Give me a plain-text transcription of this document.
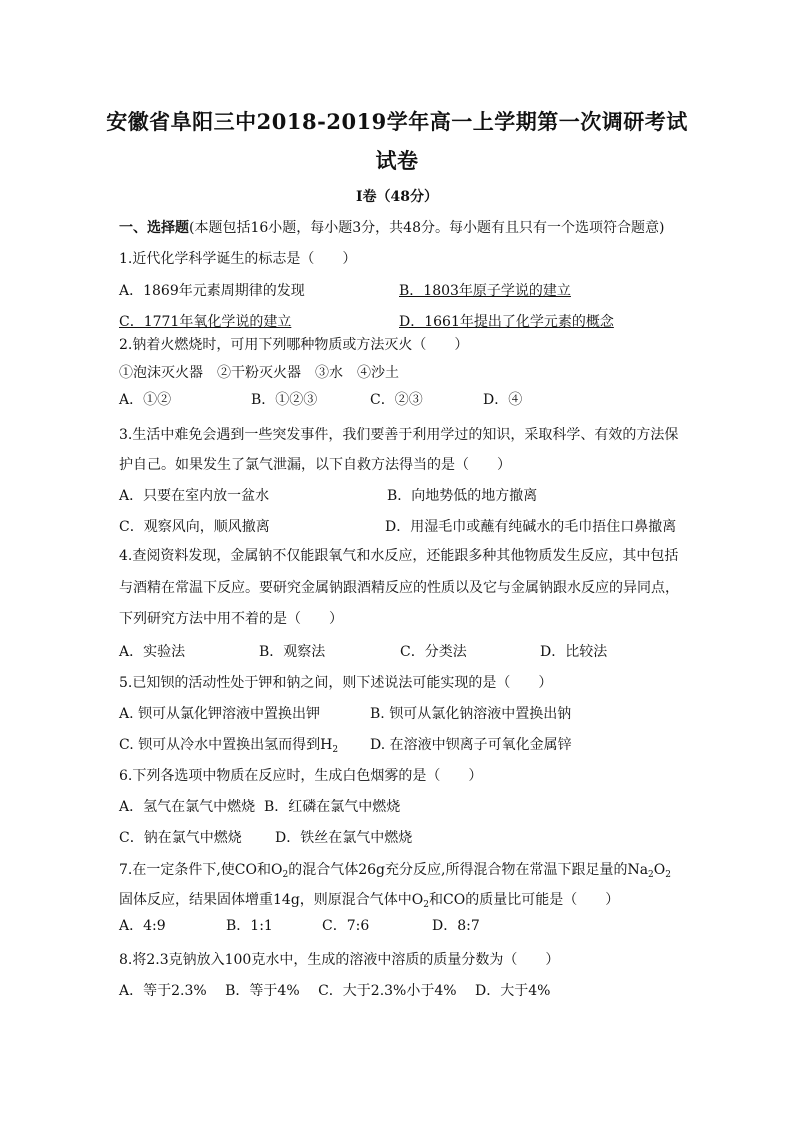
安徽省阜阳三中2018-2019学年高一上学期第一次调研考试
试卷
Ⅰ卷（48分）
一、选择题(本题包括16小题，每小题3分，共48分。每小题有且只有一个选项符合题意)
1.近代化学科学诞生的标志是（　　）
A．1869年元素周期律的发现	B．1803年原子学说的建立
C．1771年氧化学说的建立	D．1661年提出了化学元素的概念
2.钠着火燃烧时，可用下列哪种物质或方法灭火（　　）
①泡沫灭火器　②干粉灭火器　③水　④沙土
A．①②	B．①②③	C．②③	D．④
3.生活中难免会遇到一些突发事件，我们要善于利用学过的知识，采取科学、有效的方法保
护自己。如果发生了氯气泄漏，以下自救方法得当的是（　　）
A．只要在室内放一盆水	B．向地势低的地方撤离
C．观察风向，顺风撤离	D．用湿毛巾或蘸有纯碱水的毛巾捂住口鼻撤离
4.查阅资料发现，金属钠不仅能跟氧气和水反应，还能跟多种其他物质发生反应，其中包括
与酒精在常温下反应。要研究金属钠跟酒精反应的性质以及它与金属钠跟水反应的异同点，
下列研究方法中用不着的是（　　）
A．实验法	B．观察法	C．分类法	D．比较法
5.已知钡的活动性处于钾和钠之间，则下述说法可能实现的是（　　）
A. 钡可从氯化钾溶液中置换出钾	B. 钡可从氯化钠溶液中置换出钠
C. 钡可从冷水中置换出氢而得到$H_2$ D. 在溶液中钡离子可氧化金属锌
6.下列各选项中物质在反应时，生成白色烟雾的是（　　）
A．氢气在氯气中燃烧 B．红磷在氯气中燃烧
C．钠在氯气中燃烧 D．铁丝在氯气中燃烧
7.在一定条件下,使CO和$O_2$的混合气体26g充分反应,所得混合物在常温下跟足量的$Na_2O_2$
固体反应，结果固体增重14g，则原混合气体中$O_2$和CO的质量比可能是（　　）
A．4:9	B．1:1	C．7:6	D．8:7
8.将2.3克钠放入100克水中，生成的溶液中溶质的质量分数为（　　）
A．等于2.3%　 B．等于4%　 C．大于2.3%小于4%　 D．大于4%
